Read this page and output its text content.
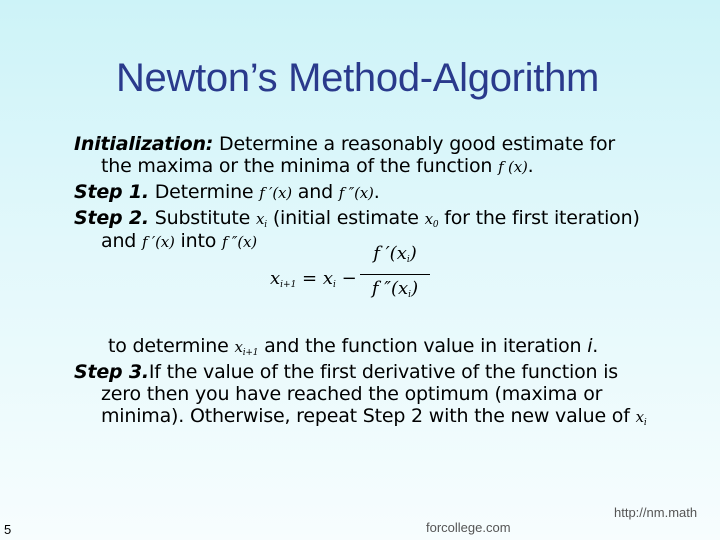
Newton’s Method-Algorithm
Initialization: Determine a reasonably good estimate for
the maxima or the minima of the function f (x).
Step 1. Determine f ′(x) and f ″(x).
Step 2. Substitute $x_i$ (initial estimate $x_0$ for the first iteration)
and f ′(x) into f ″(x)
$x_{i+1} = x_i$ −
f $'(x_i)$
f $''(x_i)$
to determine $x_{i+1}$ and the function value in iteration i.
Step 3.If the value of the first derivative of the function is
zero then you have reached the optimum (maxima or
minima). Otherwise, repeat Step 2 with the new value of $x_i$
5
http://nm.math
forcollege.com
